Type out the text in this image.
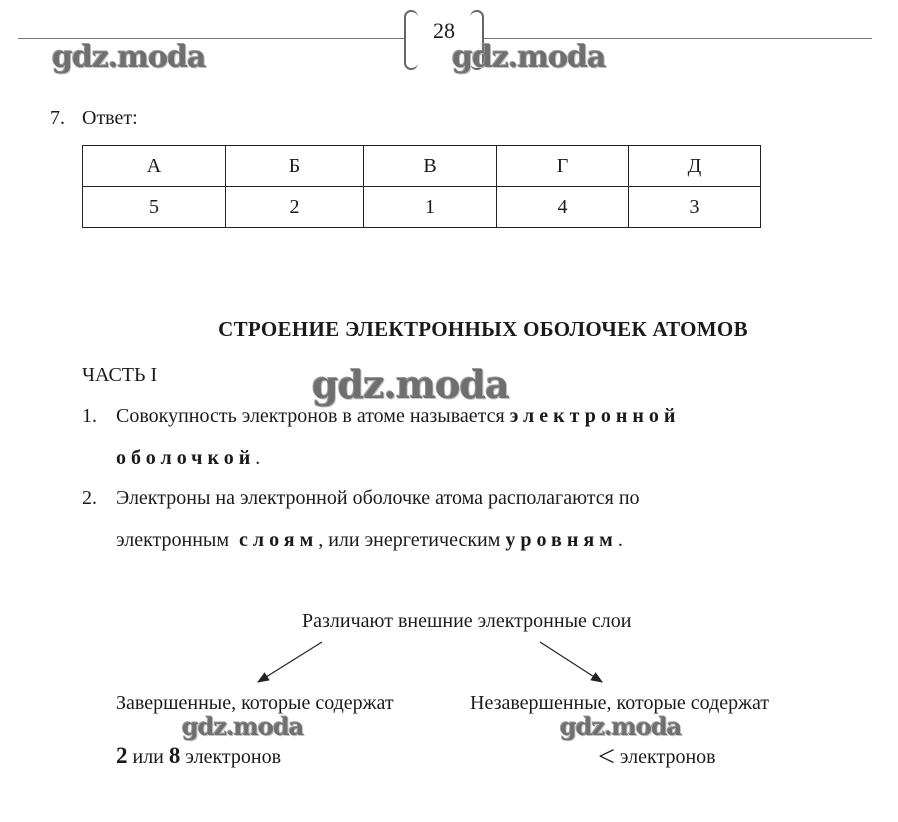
28
gdz.moda	gdz.moda
gdz.moda
gdz.moda	gdz.moda
7. Ответ:
А	Б	В	Г	Д
5	2	1	4	3
СТРОЕНИЕ ЭЛЕКТРОННЫХ ОБОЛОЧЕК АТОМОВ
ЧАСТЬ I
1. Совокупность электронов в атоме называется электронной
оболочкой.
2. Электроны на электронной оболочке атома располагаются по
электронным слоям, или энергетическим уровням.
Различают внешние электронные слои
Завершенные, которые содержат	Незавершенные, которые содержат
2 или 8 электронов	< электронов
